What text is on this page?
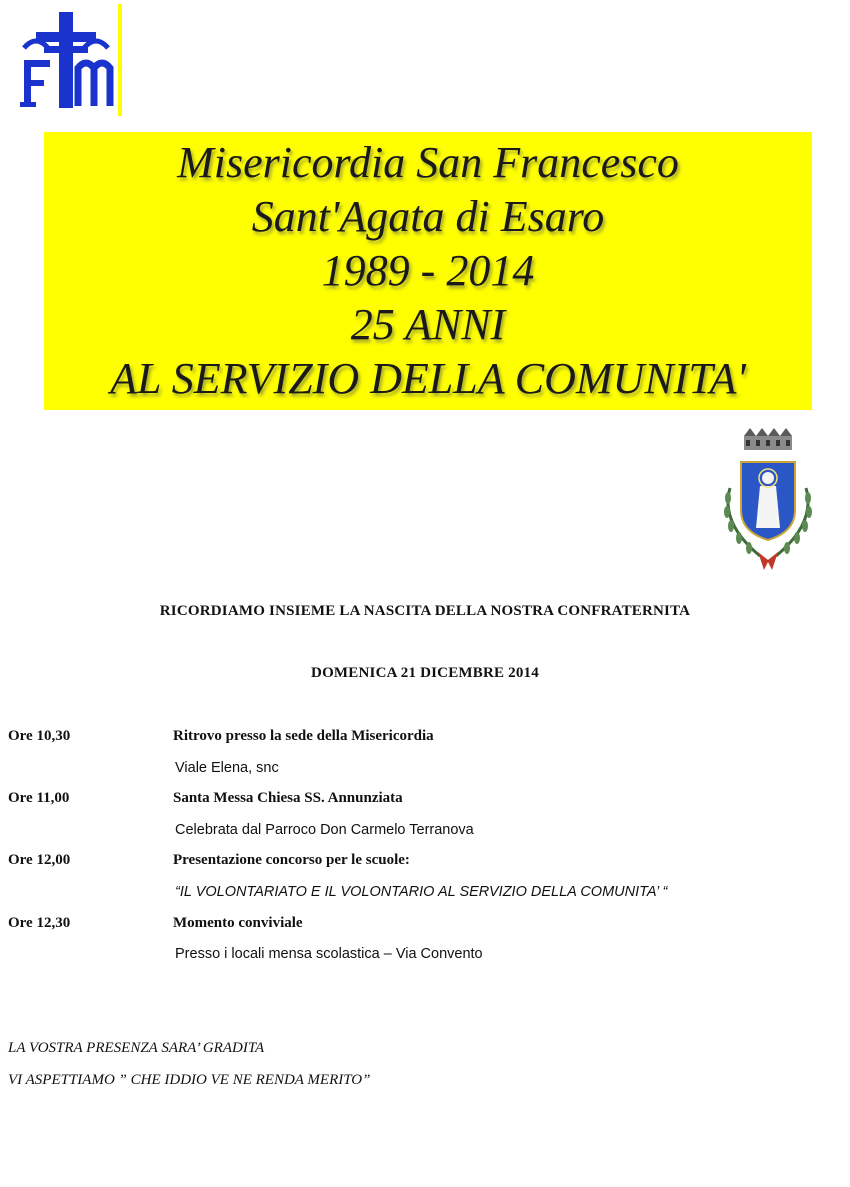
Misericordia San Francesco
Sant'Agata di Esaro
1989 - 2014
25 ANNI
AL SERVIZIO DELLA COMUNITA'
RICORDIAMO INSIEME LA NASCITA DELLA NOSTRA CONFRATERNITA
DOMENICA 21 DICEMBRE 2014
Ore 10,30	Ritrovo presso la sede della Misericordia
Viale Elena, snc
Ore 11,00	Santa Messa Chiesa SS. Annunziata
Celebrata dal Parroco Don Carmelo Terranova
Ore 12,00	Presentazione concorso per le scuole:
“IL VOLONTARIATO E IL VOLONTARIO AL SERVIZIO DELLA COMUNITA’ “
Ore 12,30	Momento conviviale
Presso i locali mensa scolastica – Via Convento
LA VOSTRA PRESENZA SARA’ GRADITA
VI ASPETTIAMO ” CHE IDDIO VE NE RENDA MERITO”
